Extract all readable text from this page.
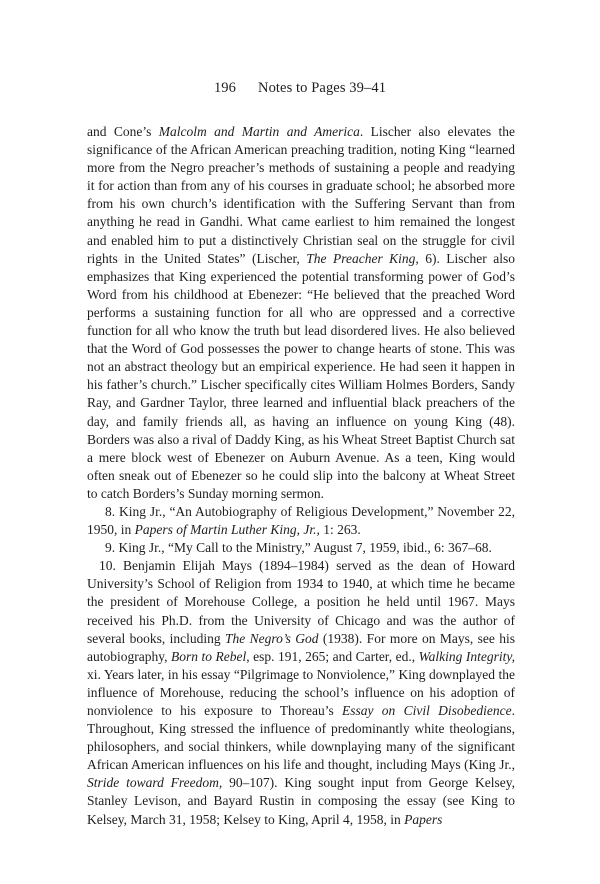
196 Notes to Pages 39–41

and Cone’s Malcolm and Martin and America. Lischer also elevates the significance of the African American preaching tradition, noting King “learned more from the Negro preacher’s methods of sustaining a people and readying it for action than from any of his courses in graduate school; he absorbed more from his own church’s identification with the Suffering Servant than from anything he read in Gandhi. What came earliest to him remained the longest and enabled him to put a distinctively Christian seal on the struggle for civil rights in the United States” (Lischer, The Preacher King, 6). Lischer also emphasizes that King experienced the potential transforming power of God’s Word from his childhood at Ebenezer: “He believed that the preached Word performs a sustaining function for all who are oppressed and a corrective function for all who know the truth but lead disordered lives. He also believed that the Word of God possesses the power to change hearts of stone. This was not an abstract theology but an empirical experience. He had seen it happen in his father’s church.” Lischer specifically cites William Holmes Borders, Sandy Ray, and Gardner Taylor, three learned and influential black preachers of the day, and family friends all, as having an influence on young King (48). Borders was also a rival of Daddy King, as his Wheat Street Baptist Church sat a mere block west of Ebenezer on Auburn Avenue. As a teen, King would often sneak out of Ebenezer so he could slip into the balcony at Wheat Street to catch Borders’s Sunday morning sermon.

8. King Jr., “An Autobiography of Religious Development,” November 22, 1950, in Papers of Martin Luther King, Jr., 1: 263.

9. King Jr., “My Call to the Ministry,” August 7, 1959, ibid., 6: 367–68.

10. Benjamin Elijah Mays (1894–1984) served as the dean of Howard University’s School of Religion from 1934 to 1940, at which time he became the president of Morehouse College, a position he held until 1967. Mays received his Ph.D. from the University of Chicago and was the author of several books, including The Negro’s God (1938). For more on Mays, see his autobiography, Born to Rebel, esp. 191, 265; and Carter, ed., Walking Integrity, xi. Years later, in his essay “Pilgrimage to Nonviolence,” King downplayed the influence of Morehouse, reducing the school’s influence on his adoption of nonviolence to his exposure to Thoreau’s Essay on Civil Disobedience. Throughout, King stressed the influence of predominantly white theologians, philosophers, and social thinkers, while downplaying many of the significant African American influences on his life and thought, including Mays (King Jr., Stride toward Freedom, 90–107). King sought input from George Kelsey, Stanley Levison, and Bayard Rustin in composing the essay (see King to Kelsey, March 31, 1958; Kelsey to King, April 4, 1958, in Papers
